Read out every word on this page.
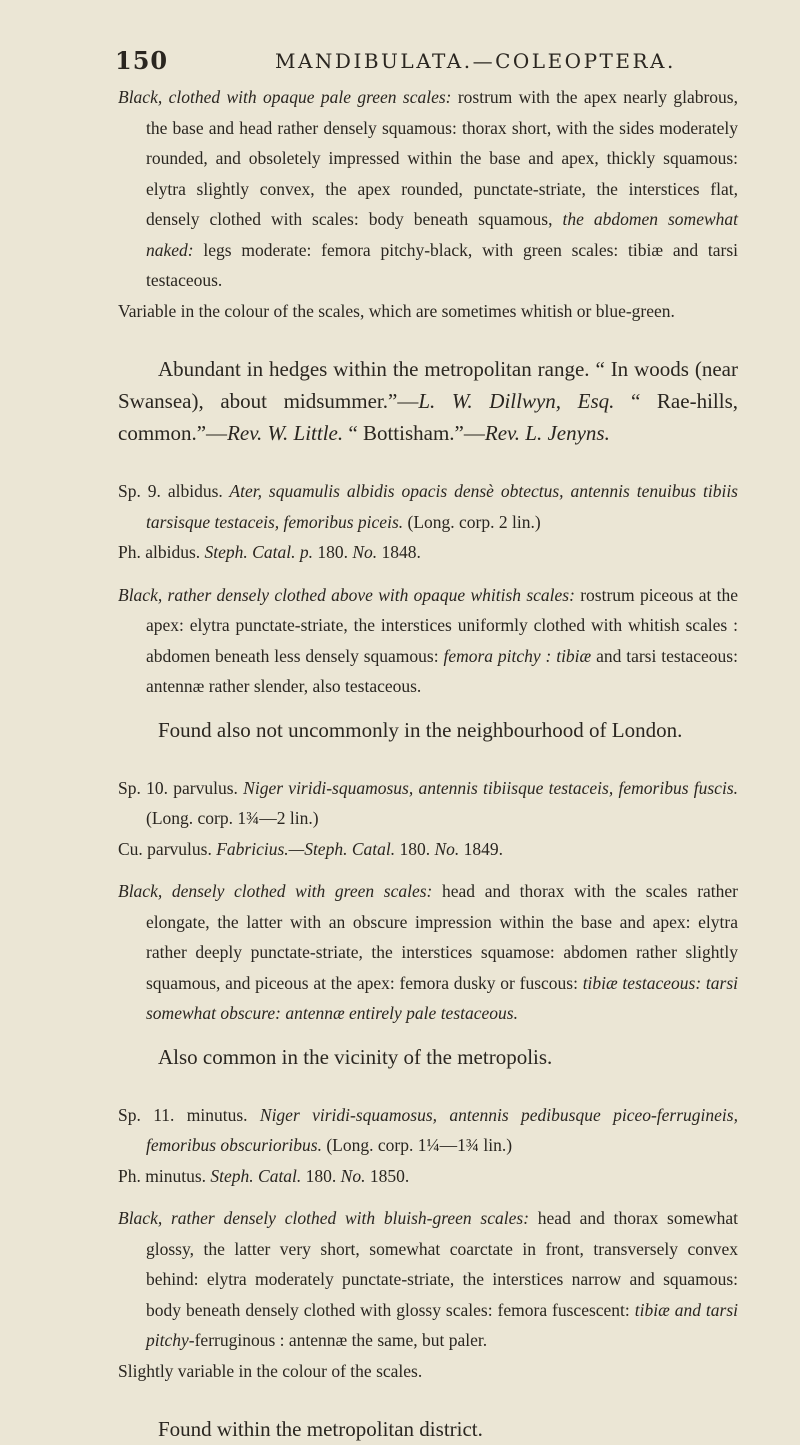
150	MANDIBULATA.—COLEOPTERA.

Black, clothed with opaque pale green scales: rostrum with the apex nearly glabrous, the base and head rather densely squamous: thorax short, with the sides moderately rounded, and obsoletely impressed within the base and apex, thickly squamous: elytra slightly convex, the apex rounded, punctate-striate, the interstices flat, densely clothed with scales: body beneath squamous, the abdomen somewhat naked: legs moderate: femora pitchy-black, with green scales: tibiæ and tarsi testaceous.

Variable in the colour of the scales, which are sometimes whitish or blue-green.

Abundant in hedges within the metropolitan range. “ In woods (near Swansea), about midsummer.”—L. W. Dillwyn, Esq. “ Rae-hills, common.”—Rev. W. Little. “ Bottisham.”—Rev. L. Jenyns.

Sp. 9. albidus. Ater, squamulis albidis opacis densè obtectus, antennis tenuibus tibiis tarsisque testaceis, femoribus piceis. (Long. corp. 2 lin.)

Ph. albidus. Steph. Catal. p. 180. No. 1848.

Black, rather densely clothed above with opaque whitish scales: rostrum piceous at the apex: elytra punctate-striate, the interstices uniformly clothed with whitish scales : abdomen beneath less densely squamous: femora pitchy : tibiæ and tarsi testaceous: antennæ rather slender, also testaceous.

Found also not uncommonly in the neighbourhood of London.

Sp. 10. parvulus. Niger viridi-squamosus, antennis tibiisque testaceis, femoribus fuscis. (Long. corp. 1¾—2 lin.)

Cu. parvulus. Fabricius.—Steph. Catal. 180. No. 1849.

Black, densely clothed with green scales: head and thorax with the scales rather elongate, the latter with an obscure impression within the base and apex: elytra rather deeply punctate-striate, the interstices squamose: abdomen rather slightly squamous, and piceous at the apex: femora dusky or fuscous: tibiæ testaceous: tarsi somewhat obscure: antennæ entirely pale testaceous.

Also common in the vicinity of the metropolis.

Sp. 11. minutus. Niger viridi-squamosus, antennis pedibusque piceo-ferrugineis, femoribus obscurioribus. (Long. corp. 1¼—1¾ lin.)

Ph. minutus. Steph. Catal. 180. No. 1850.

Black, rather densely clothed with bluish-green scales: head and thorax somewhat glossy, the latter very short, somewhat coarctate in front, transversely convex behind: elytra moderately punctate-striate, the interstices narrow and squamous: body beneath densely clothed with glossy scales: femora fuscescent: tibiæ and tarsi pitchy-ferruginous : antennæ the same, but paler.

Slightly variable in the colour of the scales.

Found within the metropolitan district.
